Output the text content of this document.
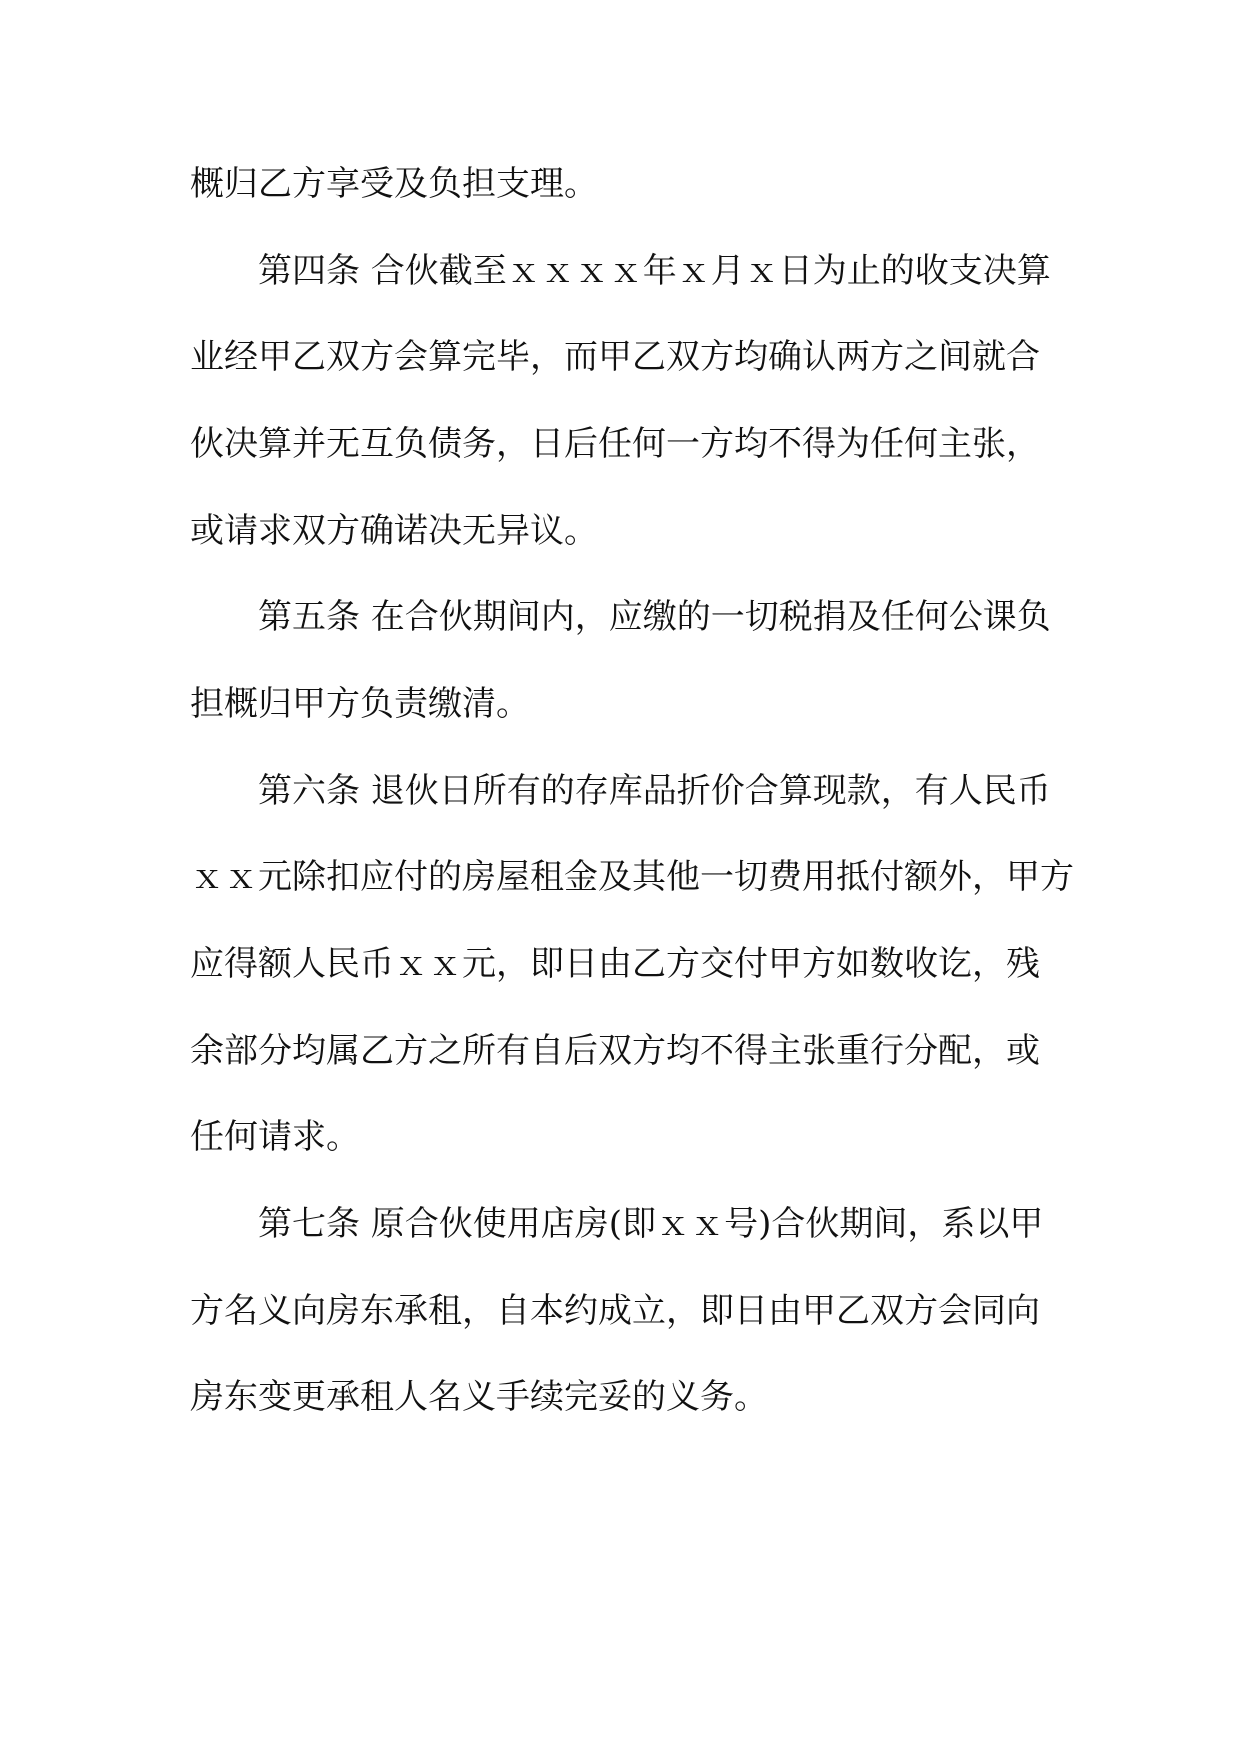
概归乙方享受及负担支理。
　　第四条 合伙截至ｘｘｘｘ年ｘ月ｘ日为止的收支决算
业经甲乙双方会算完毕，而甲乙双方均确认两方之间就合
伙决算并无互负债务，日后任何一方均不得为任何主张，
或请求双方确诺决无异议。
　　第五条 在合伙期间内，应缴的一切税捐及任何公课负
担概归甲方负责缴清。
　　第六条 退伙日所有的存库品折价合算现款，有人民币
ｘｘ元除扣应付的房屋租金及其他一切费用抵付额外，甲方
应得额人民币ｘｘ元，即日由乙方交付甲方如数收讫，残
余部分均属乙方之所有自后双方均不得主张重行分配，或
任何请求。
　　第七条 原合伙使用店房(即ｘｘ号)合伙期间，系以甲
方名义向房东承租，自本约成立，即日由甲乙双方会同向
房东变更承租人名义手续完妥的义务。
